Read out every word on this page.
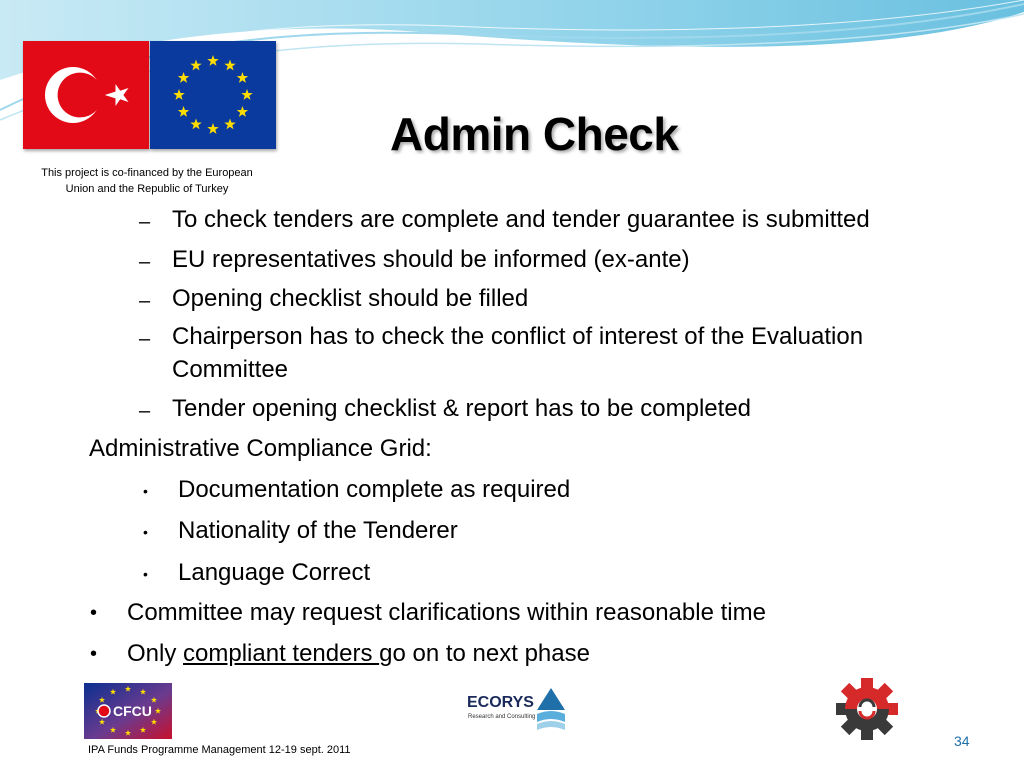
This project is co-financed by the European
Union and the Republic of Turkey
Admin Check
– To check tenders are complete and tender guarantee is submitted
– EU representatives should be informed (ex-ante)
– Opening checklist should be filled
– Chairperson has to check the conflict of interest of the Evaluation
Committee
– Tender opening checklist & report has to be completed
Administrative Compliance Grid:
• Documentation complete as required
• Nationality of the Tenderer
• Language Correct
• Committee may request clarifications within reasonable time
• Only compliant tenders go on to next phase
CFCU	ECORYS
Research and Consulting
IPA Funds Programme Management 12-19 sept. 2011
34
